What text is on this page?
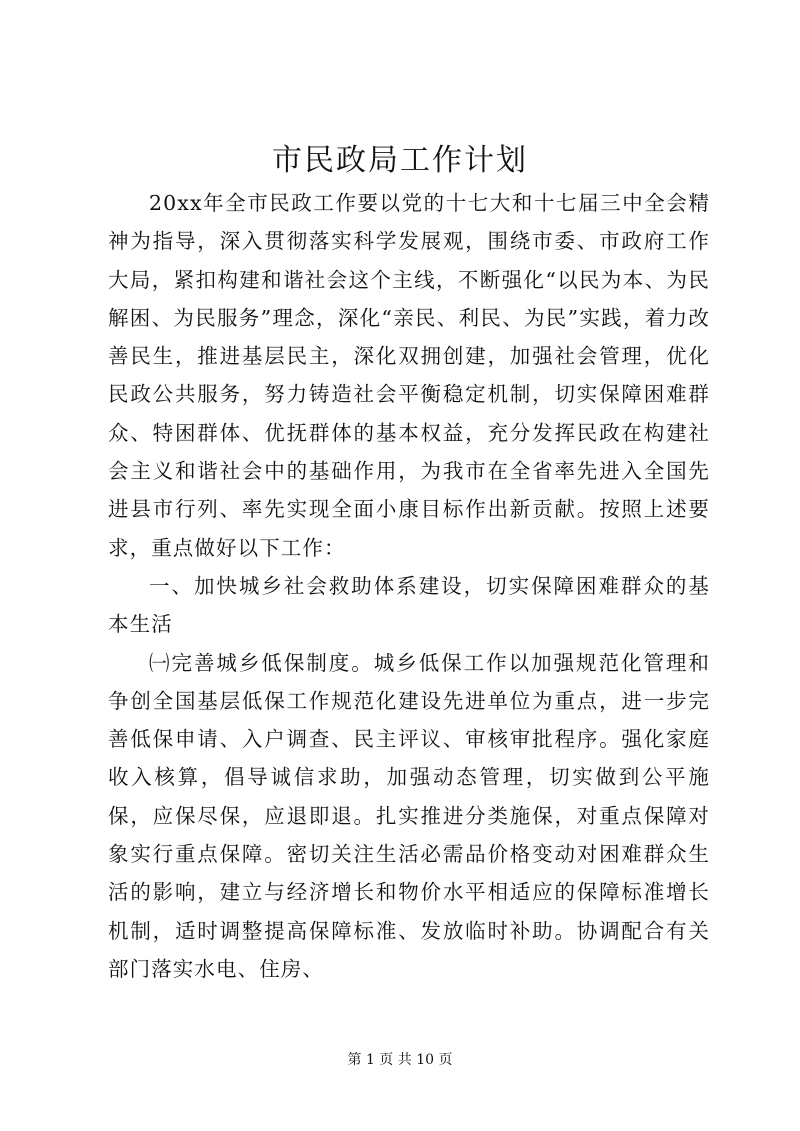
市民政局工作计划

20xx年全市民政工作要以党的十七大和十七届三中全会精神为指导，深入贯彻落实科学发展观，围绕市委、市政府工作大局，紧扣构建和谐社会这个主线，不断强化“以民为本、为民解困、为民服务”理念，深化“亲民、利民、为民”实践，着力改善民生，推进基层民主，深化双拥创建，加强社会管理，优化民政公共服务，努力铸造社会平衡稳定机制，切实保障困难群众、特困群体、优抚群体的基本权益，充分发挥民政在构建社会主义和谐社会中的基础作用，为我市在全省率先进入全国先进县市行列、率先实现全面小康目标作出新贡献。按照上述要求，重点做好以下工作：

一、加快城乡社会救助体系建设，切实保障困难群众的基本生活

㈠完善城乡低保制度。城乡低保工作以加强规范化管理和争创全国基层低保工作规范化建设先进单位为重点，进一步完善低保申请、入户调查、民主评议、审核审批程序。强化家庭收入核算，倡导诚信求助，加强动态管理，切实做到公平施保，应保尽保，应退即退。扎实推进分类施保，对重点保障对象实行重点保障。密切关注生活必需品价格变动对困难群众生活的影响，建立与经济增长和物价水平相适应的保障标准增长机制，适时调整提高保障标准、发放临时补助。协调配合有关部门落实水电、住房、

第 1 页 共 10 页
